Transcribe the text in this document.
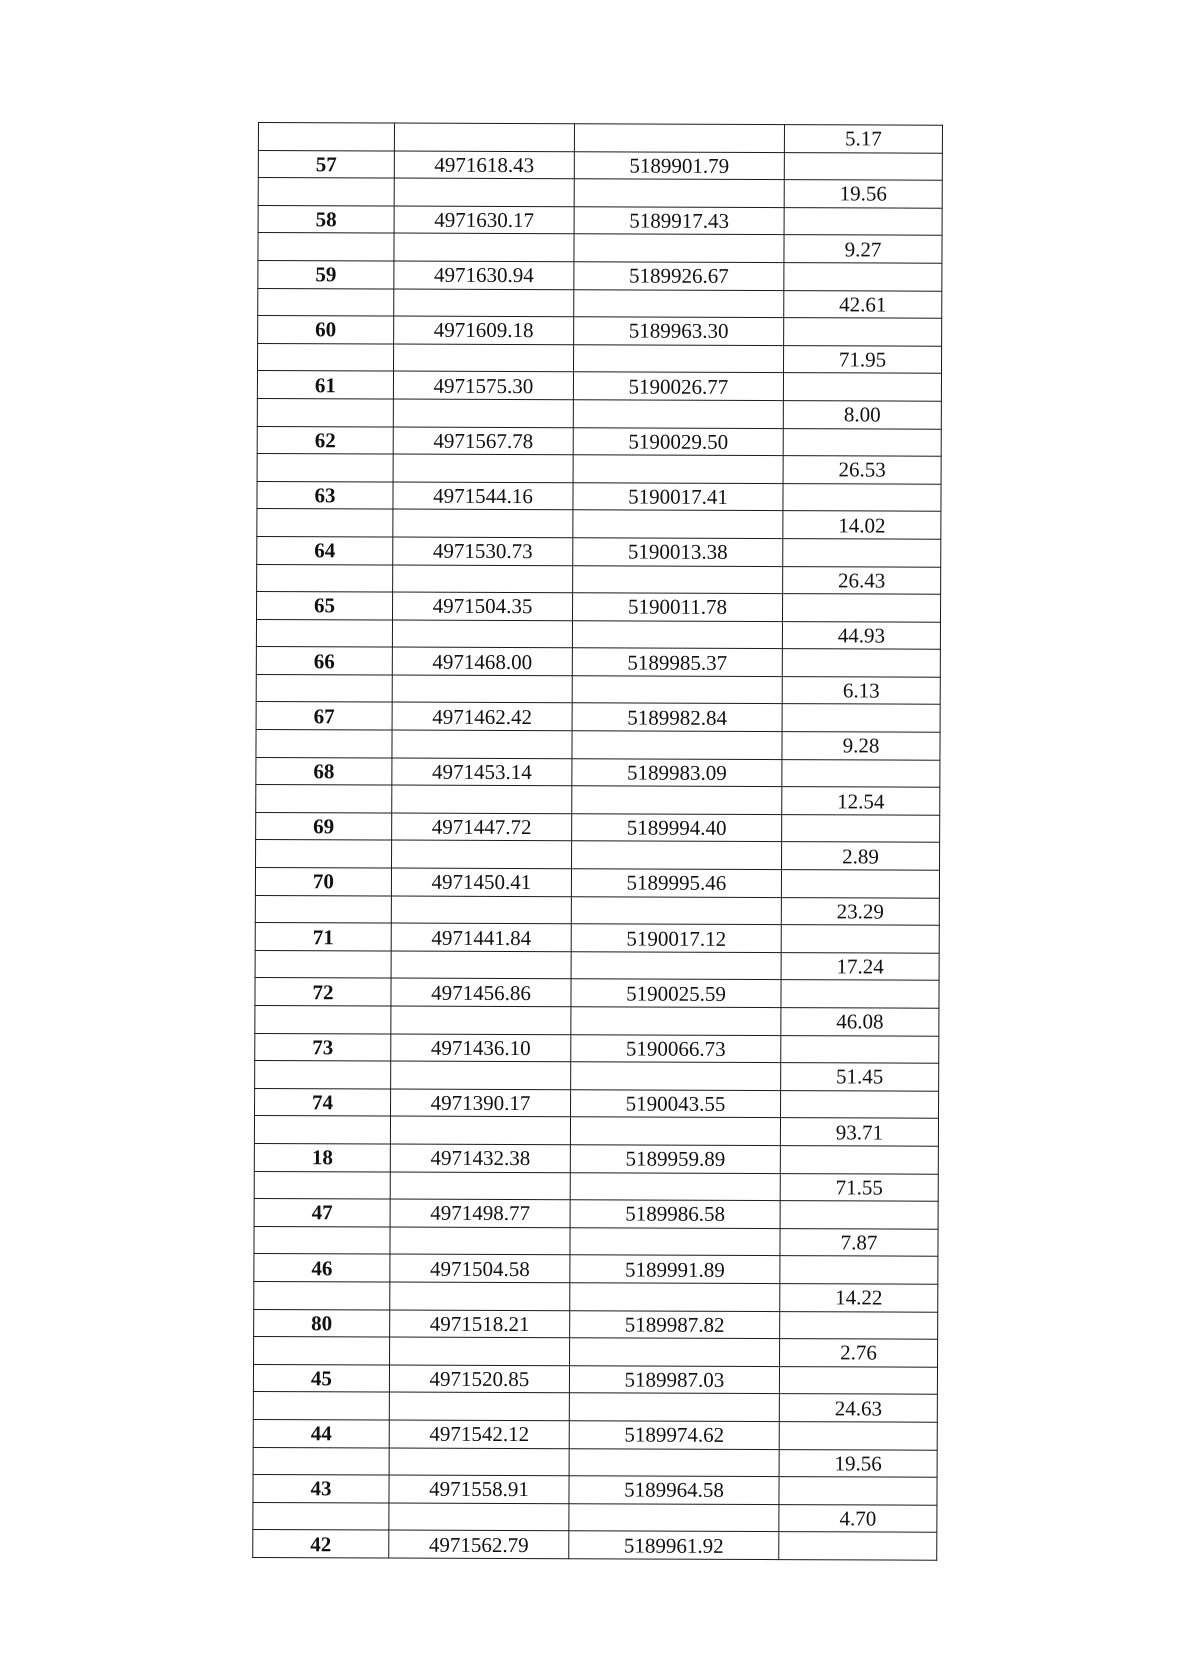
			5.17
57	4971618.43	5189901.79	
			19.56
58	4971630.17	5189917.43	
			9.27
59	4971630.94	5189926.67	
			42.61
60	4971609.18	5189963.30	
			71.95
61	4971575.30	5190026.77	
			8.00
62	4971567.78	5190029.50	
			26.53
63	4971544.16	5190017.41	
			14.02
64	4971530.73	5190013.38	
			26.43
65	4971504.35	5190011.78	
			44.93
66	4971468.00	5189985.37	
			6.13
67	4971462.42	5189982.84	
			9.28
68	4971453.14	5189983.09	
			12.54
69	4971447.72	5189994.40	
			2.89
70	4971450.41	5189995.46	
			23.29
71	4971441.84	5190017.12	
			17.24
72	4971456.86	5190025.59	
			46.08
73	4971436.10	5190066.73	
			51.45
74	4971390.17	5190043.55	
			93.71
18	4971432.38	5189959.89	
			71.55
47	4971498.77	5189986.58	
			7.87
46	4971504.58	5189991.89	
			14.22
80	4971518.21	5189987.82	
			2.76
45	4971520.85	5189987.03	
			24.63
44	4971542.12	5189974.62	
			19.56
43	4971558.91	5189964.58	
			4.70
42	4971562.79	5189961.92	
